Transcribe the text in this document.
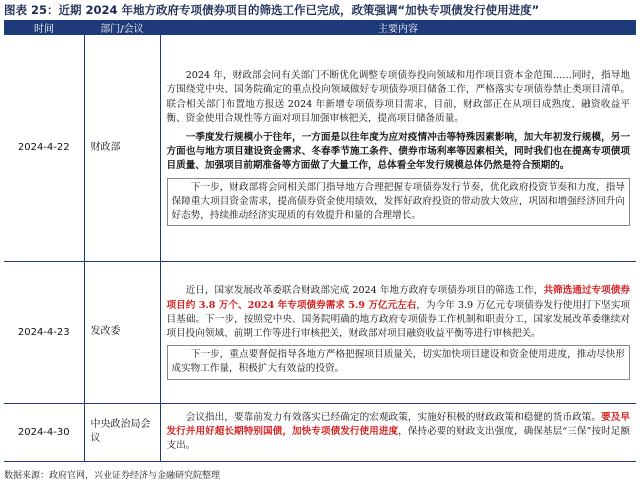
图表 25：近期 2024 年地方政府专项债券项目的筛选工作已完成，政策强调“加快专项债发行使用进度”
时间	部门/会议	主要内容
2024-4-22	财政部	2024 年，财政部会同有关部门不断优化调整专项债券投向领域和用作项目资本金范围……同时，指导地方围绕党中央、国务院确定的重点投向领域做好专项债券项目储备工作，严格落实专项债券禁止类项目清单。联合相关部门布置地方报送 2024 年新增专项债券项目需求，目前，财政部正在从项目成熟度、融资收益平衡、资金使用合规性等方面对项目加强审核把关，提高项目储备质量。

一季度发行规模小于往年，一方面是以往年度为应对疫情冲击等特殊因素影响，加大年初发行规模，另一方面也与地方项目建设资金需求、冬春季节施工条件、债券市场利率等因素相关，同时我们也在提高专项债项目质量、加强项目前期准备等方面做了大量工作，总体看全年发行规模总体仍然是符合预期的。

下一步，财政部将会同相关部门指导地方合理把握专项债券发行节奏，优化政府投资节奏和力度，指导保障重大项目资金需求，提高债券资金使用绩效，发挥好政府投资的带动放大效应，巩固和增强经济回升向好态势，持续推动经济实现质的有效提升和量的合理增长。

2024-4-23	发改委	近日，国家发展改革委联合财政部完成 2024 年地方政府专项债券项目的筛选工作，共筛选通过专项债券项目约 3.8 万个、2024 年专项债券需求 5.9 万亿元左右，为今年 3.9 万亿元专项债券发行使用打下坚实项目基础。下一步，按照党中央、国务院明确的地方政府专项债券工作机制和职责分工，国家发展改革委继续对项目投向领域、前期工作等进行审核把关，财政部对项目融资收益平衡等进行审核把关。

下一步，重点要督促指导各地方严格把握项目质量关，切实加快项目建设和资金使用进度，推动尽快形成实物工作量，积极扩大有效益的投资。

2024-4-30	中央政治局会议	会议指出，要靠前发力有效落实已经确定的宏观政策，实施好积极的财政政策和稳健的货币政策。要及早发行并用好超长期特别国债，加快专项债发行使用进度，保持必要的财政支出强度，确保基层“三保”按时足额支出。

数据来源：政府官网，兴业证券经济与金融研究院整理
